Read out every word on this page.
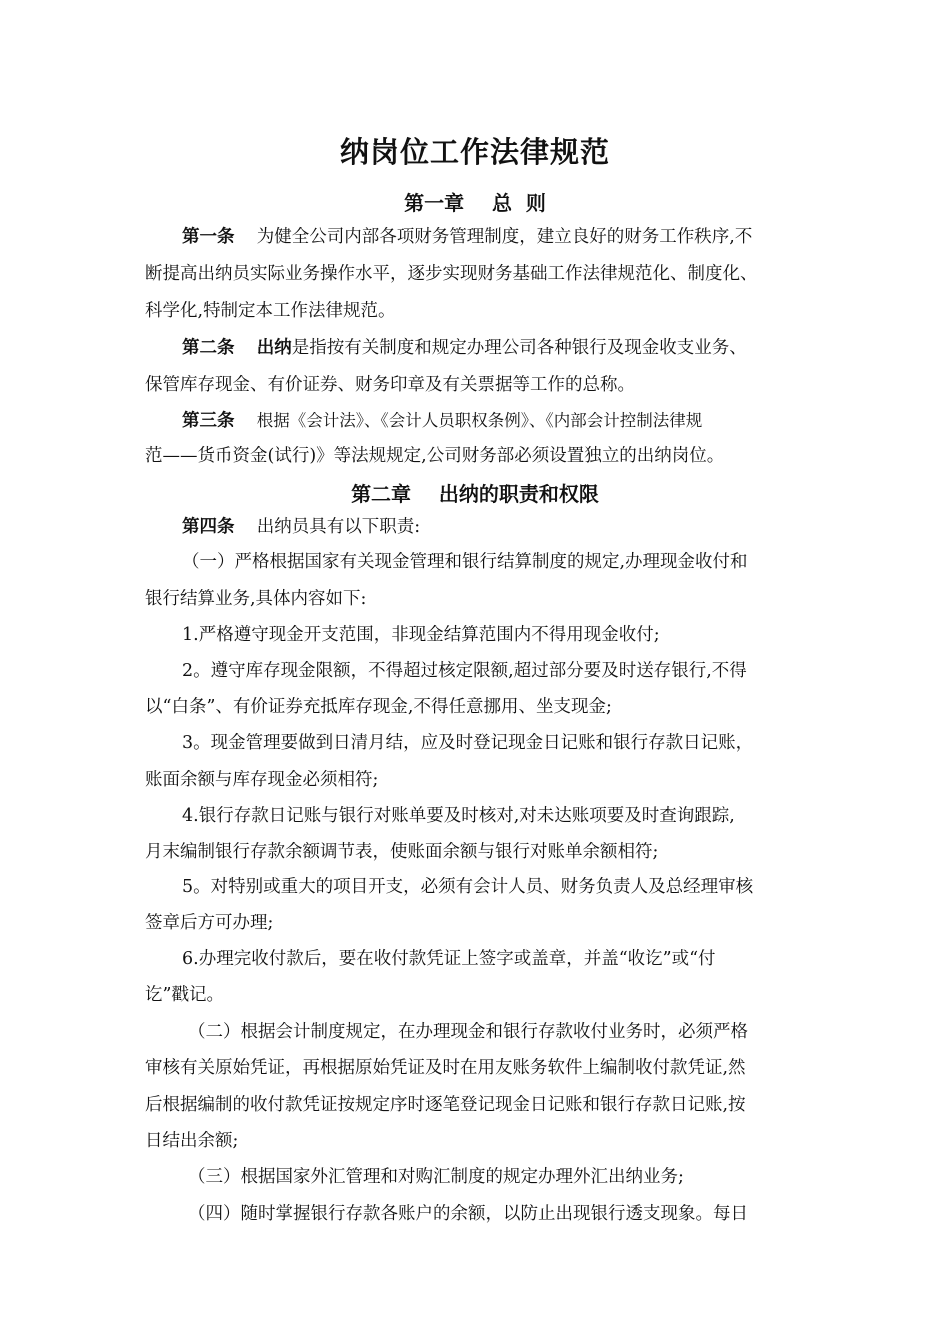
纳岗位工作法律规范
第一章    总  则
第一条 为健全公司内部各项财务管理制度，建立良好的财务工作秩序,不
断提高出纳员实际业务操作水平，逐步实现财务基础工作法律规范化、制度化、
科学化,特制定本工作法律规范。
第二条 出纳是指按有关制度和规定办理公司各种银行及现金收支业务、
保管库存现金、有价证券、财务印章及有关票据等工作的总称。
第三条 根据《会计法》、《会计人员职权条例》、《内部会计控制法律规
范——货币资金(试行)》等法规规定,公司财务部必须设置独立的出纳岗位。
第二章    出纳的职责和权限
第四条 出纳员具有以下职责:
（一）严格根据国家有关现金管理和银行结算制度的规定,办理现金收付和
银行结算业务,具体内容如下:
1.严格遵守现金开支范围，非现金结算范围内不得用现金收付;
2。遵守库存现金限额，不得超过核定限额,超过部分要及时送存银行,不得
以“白条”、有价证券充抵库存现金,不得任意挪用、坐支现金;
3。现金管理要做到日清月结，应及时登记现金日记账和银行存款日记账，
账面余额与库存现金必须相符;
4.银行存款日记账与银行对账单要及时核对,对未达账项要及时查询跟踪,
月末编制银行存款余额调节表，使账面余额与银行对账单余额相符;
5。对特别或重大的项目开支，必须有会计人员、财务负责人及总经理审核
签章后方可办理;
6.办理完收付款后，要在收付款凭证上签字或盖章，并盖“收讫”或“付
讫”戳记。
（二）根据会计制度规定，在办理现金和银行存款收付业务时，必须严格
审核有关原始凭证，再根据原始凭证及时在用友账务软件上编制收付款凭证,然
后根据编制的收付款凭证按规定序时逐笔登记现金日记账和银行存款日记账,按
日结出余额;
（三）根据国家外汇管理和对购汇制度的规定办理外汇出纳业务;
（四）随时掌握银行存款各账户的余额，以防止出现银行透支现象。每日
